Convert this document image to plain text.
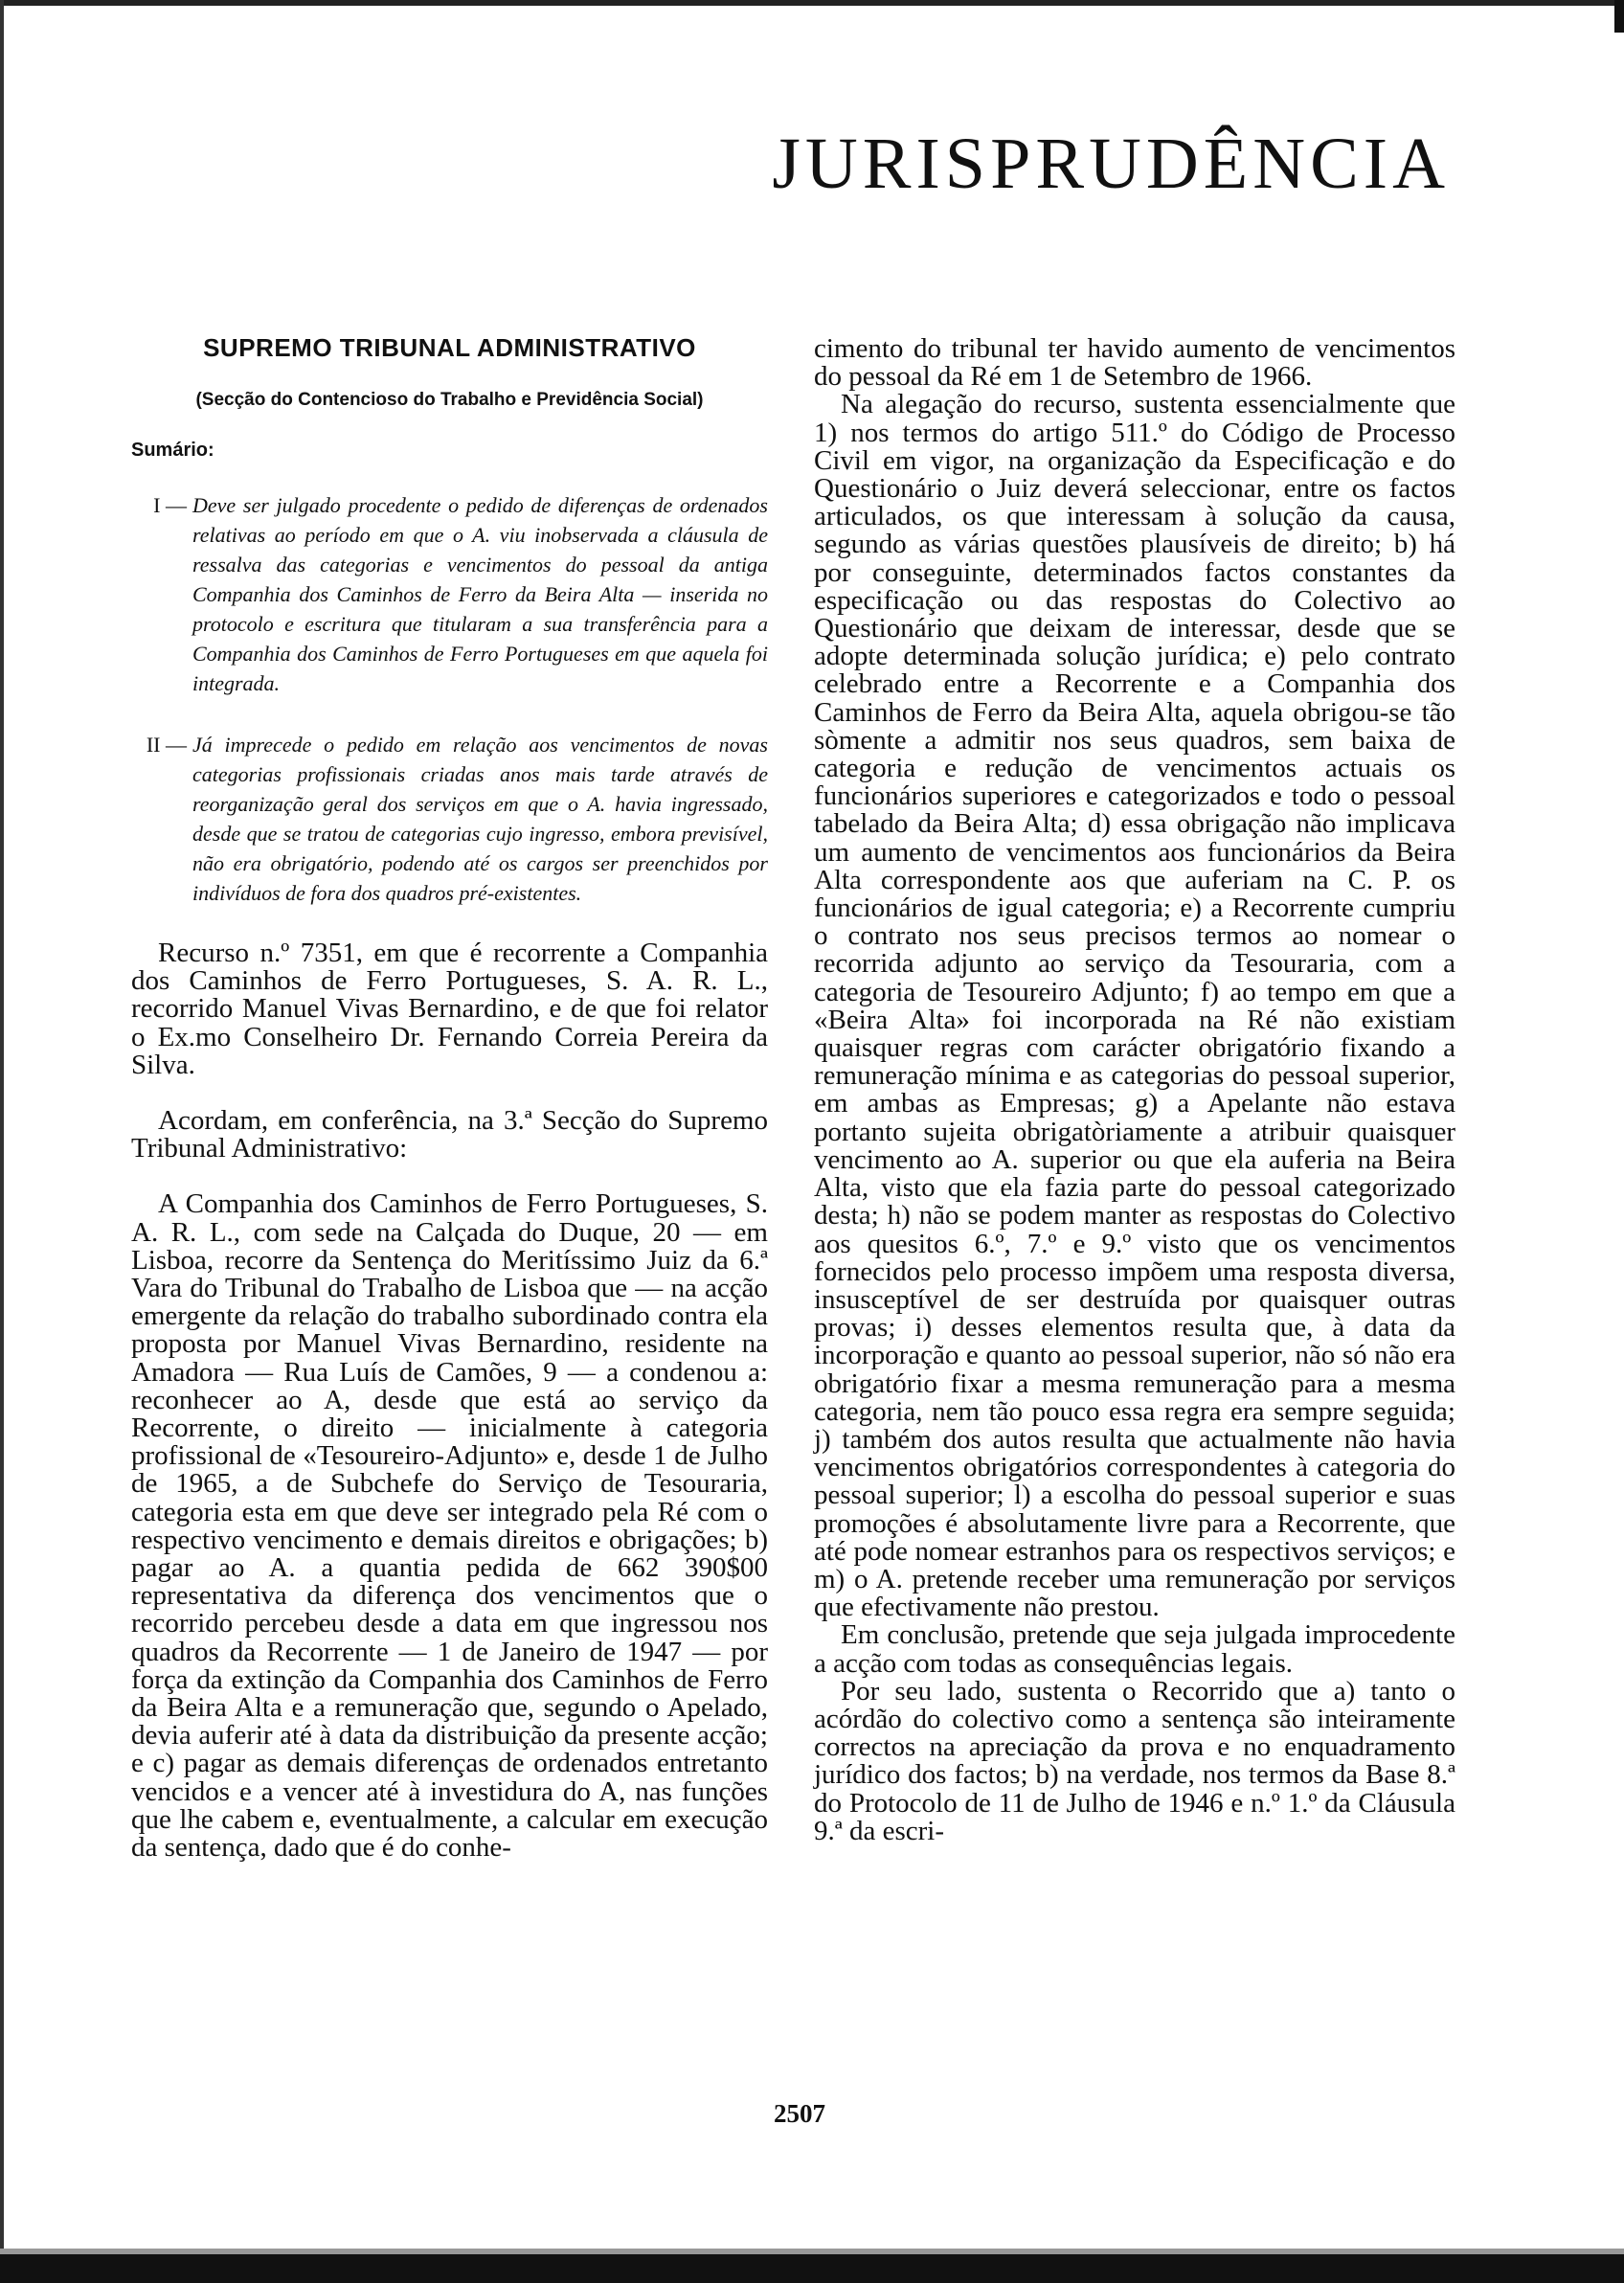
JURISPRUDÊNCIA
SUPREMO TRIBUNAL ADMINISTRATIVO
(Secção do Contencioso do Trabalho e Previdência Social)
Sumário:
I — Deve ser julgado procedente o pedido de diferenças de ordenados relativas ao período em que o A. viu inobservada a cláusula de ressalva das categorias e vencimentos do pessoal da antiga Companhia dos Caminhos de Ferro da Beira Alta — inserida no protocolo e escritura que titularam a sua transferência para a Companhia dos Caminhos de Ferro Portugueses em que aquela foi integrada.
II — Já imprecede o pedido em relação aos vencimentos de novas categorias profissionais criadas anos mais tarde através de reorganização geral dos serviços em que o A. havia ingressado, desde que se tratou de categorias cujo ingresso, embora previsível, não era obrigatório, podendo até os cargos ser preenchidos por indivíduos de fora dos quadros pré-existentes.

Recurso n.º 7351, em que é recorrente a Companhia dos Caminhos de Ferro Portugueses, S. A. R. L., recorrido Manuel Vivas Bernardino, e de que foi relator o Ex.mo Conselheiro Dr. Fernando Correia Pereira da Silva.

Acordam, em conferência, na 3.ª Secção do Supremo Tribunal Administrativo:

A Companhia dos Caminhos de Ferro Portugueses, S. A. R. L., com sede na Calçada do Duque, 20 — em Lisboa, recorre da Sentença do Meritíssimo Juiz da 6.ª Vara do Tribunal do Trabalho de Lisboa que — na acção emergente da relação do trabalho subordinado contra ela proposta por Manuel Vivas Bernardino, residente na Amadora — Rua Luís de Camões, 9 — a condenou a: reconhecer ao A, desde que está ao serviço da Recorrente, o direito — inicialmente à categoria profissional de «Tesoureiro-Adjunto» e, desde 1 de Julho de 1965, a de Subchefe do Serviço de Tesouraria, categoria esta em que deve ser integrado pela Ré com o respectivo vencimento e demais direitos e obrigações; b) pagar ao A. a quantia pedida de 662 390$00 representativa da diferença dos vencimentos que o recorrido percebeu desde a data em que ingressou nos quadros da Recorrente — 1 de Janeiro de 1947 — por força da extinção da Companhia dos Caminhos de Ferro da Beira Alta e a remuneração que, segundo o Apelado, devia auferir até à data da distribuição da presente acção; e c) pagar as demais diferenças de ordenados entretanto vencidos e a vencer até à investidura do A, nas funções que lhe cabem e, eventualmente, a calcular em execução da sentença, dado que é do conhe-

cimento do tribunal ter havido aumento de vencimentos do pessoal da Ré em 1 de Setembro de 1966.

Na alegação do recurso, sustenta essencialmente que 1) nos termos do artigo 511.º do Código de Processo Civil em vigor, na organização da Especificação e do Questionário o Juiz deverá seleccionar, entre os factos articulados, os que interessam à solução da causa, segundo as várias questões plausíveis de direito; b) há por conseguinte, determinados factos constantes da especificação ou das respostas do Colectivo ao Questionário que deixam de interessar, desde que se adopte determinada solução jurídica; e) pelo contrato celebrado entre a Recorrente e a Companhia dos Caminhos de Ferro da Beira Alta, aquela obrigou-se tão sòmente a admitir nos seus quadros, sem baixa de categoria e redução de vencimentos actuais os funcionários superiores e categorizados e todo o pessoal tabelado da Beira Alta; d) essa obrigação não implicava um aumento de vencimentos aos funcionários da Beira Alta correspondente aos que auferiam na C. P. os funcionários de igual categoria; e) a Recorrente cumpriu o contrato nos seus precisos termos ao nomear o recorrida adjunto ao serviço da Tesouraria, com a categoria de Tesoureiro Adjunto; f) ao tempo em que a «Beira Alta» foi incorporada na Ré não existiam quaisquer regras com carácter obrigatório fixando a remuneração mínima e as categorias do pessoal superior, em ambas as Empresas; g) a Apelante não estava portanto sujeita obrigatòriamente a atribuir quaisquer vencimento ao A. superior ou que ela auferia na Beira Alta, visto que ela fazia parte do pessoal categorizado desta; h) não se podem manter as respostas do Colectivo aos quesitos 6.º, 7.º e 9.º visto que os vencimentos fornecidos pelo processo impõem uma resposta diversa, insusceptível de ser destruída por quaisquer outras provas; i) desses elementos resulta que, à data da incorporação e quanto ao pessoal superior, não só não era obrigatório fixar a mesma remuneração para a mesma categoria, nem tão pouco essa regra era sempre seguida; j) também dos autos resulta que actualmente não havia vencimentos obrigatórios correspondentes à categoria do pessoal superior; l) a escolha do pessoal superior e suas promoções é absolutamente livre para a Recorrente, que até pode nomear estranhos para os respectivos serviços; e m) o A. pretende receber uma remuneração por serviços que efectivamente não prestou.

Em conclusão, pretende que seja julgada improcedente a acção com todas as consequências legais.

Por seu lado, sustenta o Recorrido que a) tanto o acórdão do colectivo como a sentença são inteiramente correctos na apreciação da prova e no enquadramento jurídico dos factos; b) na verdade, nos termos da Base 8.ª do Protocolo de 11 de Julho de 1946 e n.º 1.º da Cláusula 9.ª da escri-

2507
